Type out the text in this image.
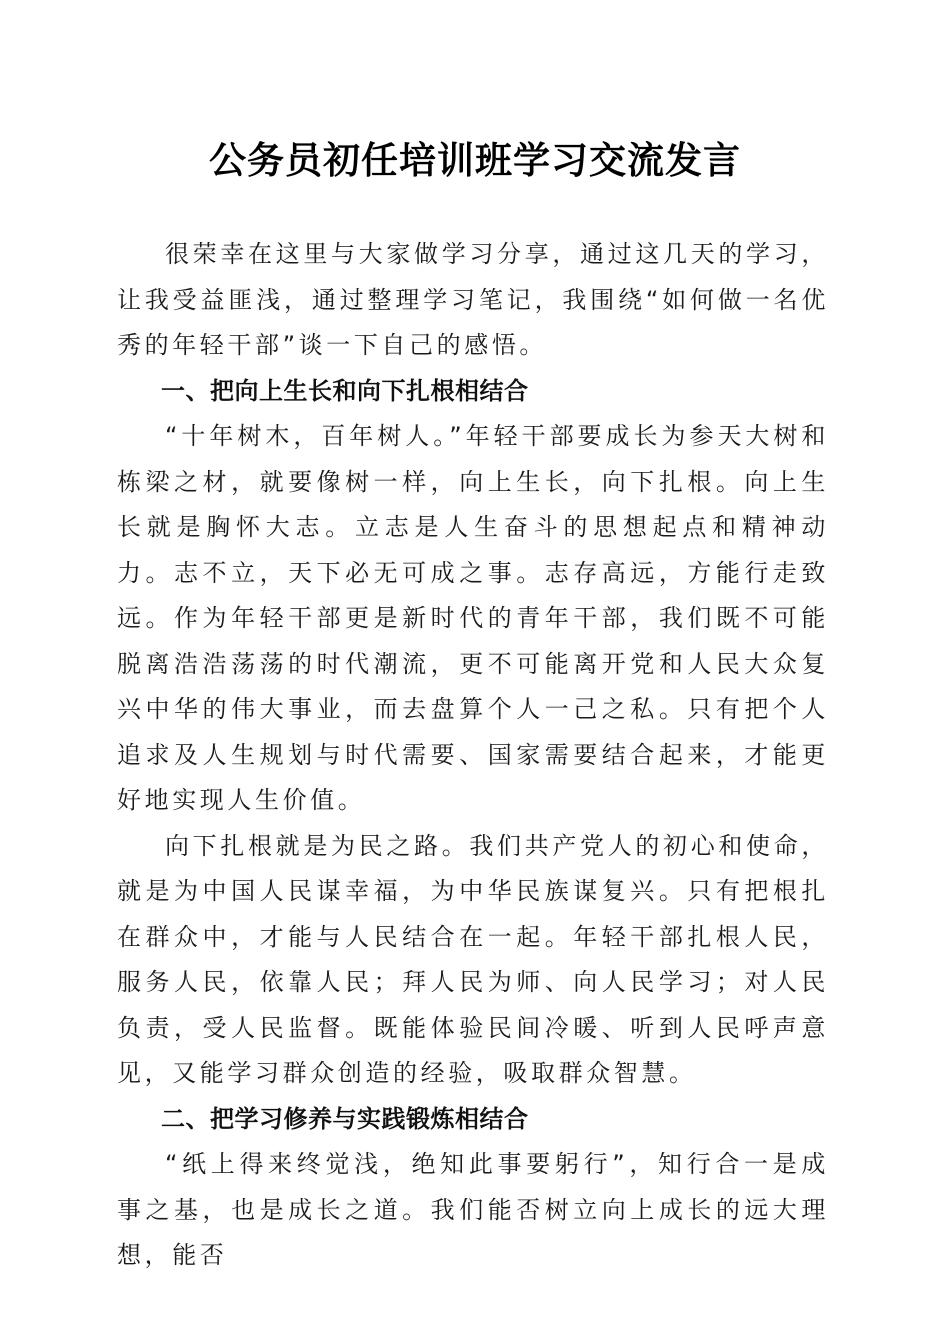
公务员初任培训班学习交流发言

很荣幸在这里与大家做学习分享，通过这几天的学习，让我受益匪浅，通过整理学习笔记，我围绕“如何做一名优秀的年轻干部”谈一下自己的感悟。

一、把向上生长和向下扎根相结合

“十年树木，百年树人。”年轻干部要成长为参天大树和栋梁之材，就要像树一样，向上生长，向下扎根。向上生长就是胸怀大志。立志是人生奋斗的思想起点和精神动力。志不立，天下必无可成之事。志存高远，方能行走致远。作为年轻干部更是新时代的青年干部，我们既不可能脱离浩浩荡荡的时代潮流，更不可能离开党和人民大众复兴中华的伟大事业，而去盘算个人一己之私。只有把个人追求及人生规划与时代需要、国家需要结合起来，才能更好地实现人生价值。

向下扎根就是为民之路。我们共产党人的初心和使命，就是为中国人民谋幸福，为中华民族谋复兴。只有把根扎在群众中，才能与人民结合在一起。年轻干部扎根人民，服务人民，依靠人民；拜人民为师、向人民学习；对人民负责，受人民监督。既能体验民间冷暖、听到人民呼声意见，又能学习群众创造的经验，吸取群众智慧。

二、把学习修养与实践锻炼相结合

“纸上得来终觉浅，绝知此事要躬行”，知行合一是成事之基，也是成长之道。我们能否树立向上成长的远大理想，能否
